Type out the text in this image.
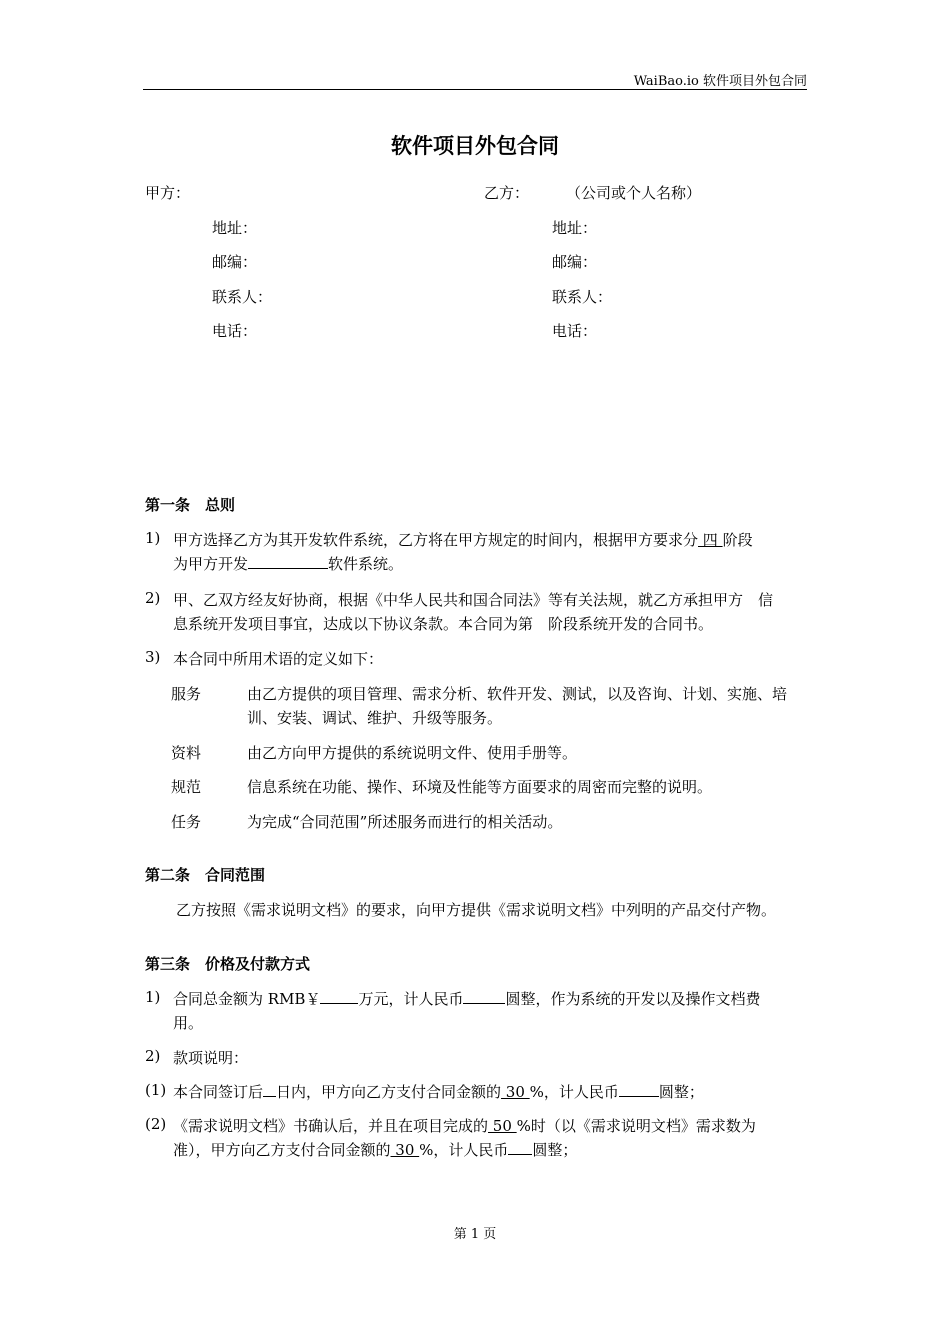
WaiBao.io 软件项目外包合同
软件项目外包合同
甲方：	乙方： （公司或个人名称）
地址：	地址：
邮编：	邮编：
联系人：	联系人：
电话：	电话：
第一条　总则
1) 甲方选择乙方为其开发软件系统，乙方将在甲方规定的时间内，根据甲方要求分 四 阶段
为甲方开发	软件系统。
2) 甲、乙双方经友好协商，根据《中华人民共和国合同法》等有关法规，就乙方承担甲方　信
息系统开发项目事宜，达成以下协议条款。本合同为第　阶段系统开发的合同书。
3) 本合同中所用术语的定义如下：
服务	由乙方提供的项目管理、需求分析、软件开发、测试，以及咨询、计划、实施、培
训、安装、调试、维护、升级等服务。
资料	由乙方向甲方提供的系统说明文件、使用手册等。
规范	信息系统在功能、操作、环境及性能等方面要求的周密而完整的说明。
任务	为完成“合同范围”所述服务而进行的相关活动。
第二条　合同范围
乙方按照《需求说明文档》的要求，向甲方提供《需求说明文档》中列明的产品交付产物。
第三条　价格及付款方式
1) 合同总金额为 RMB￥	万元，计人民币	圆整，作为系统的开发以及操作文档费
用。
2) 款项说明：
(1) 本合同签订后 日内，甲方向乙方支付合同金额的 30 %，计人民币	圆整；
(2) 《需求说明文档》书确认后，并且在项目完成的 50 %时（以《需求说明文档》需求数为
准），甲方向乙方支付合同金额的 30 %，计人民币 圆整；
第 1 页
